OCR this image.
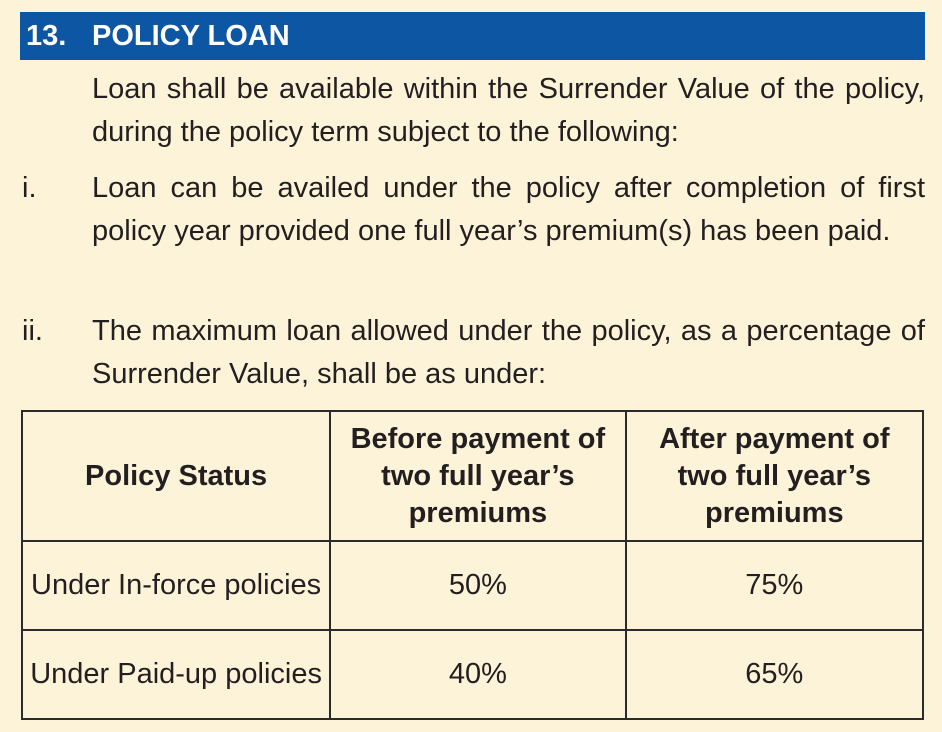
13. POLICY LOAN
Loan shall be available within the Surrender Value of the policy, during the policy term subject to the following:
i. Loan can be availed under the policy after completion of first policy year provided one full year’s premium(s) has been paid.
ii. The maximum loan allowed under the policy, as a percentage of Surrender Value, shall be as under:
Policy Status	Before payment of two full year’s premiums	After payment of two full year’s premiums
Under In-force policies	50%	75%
Under Paid-up policies	40%	65%
